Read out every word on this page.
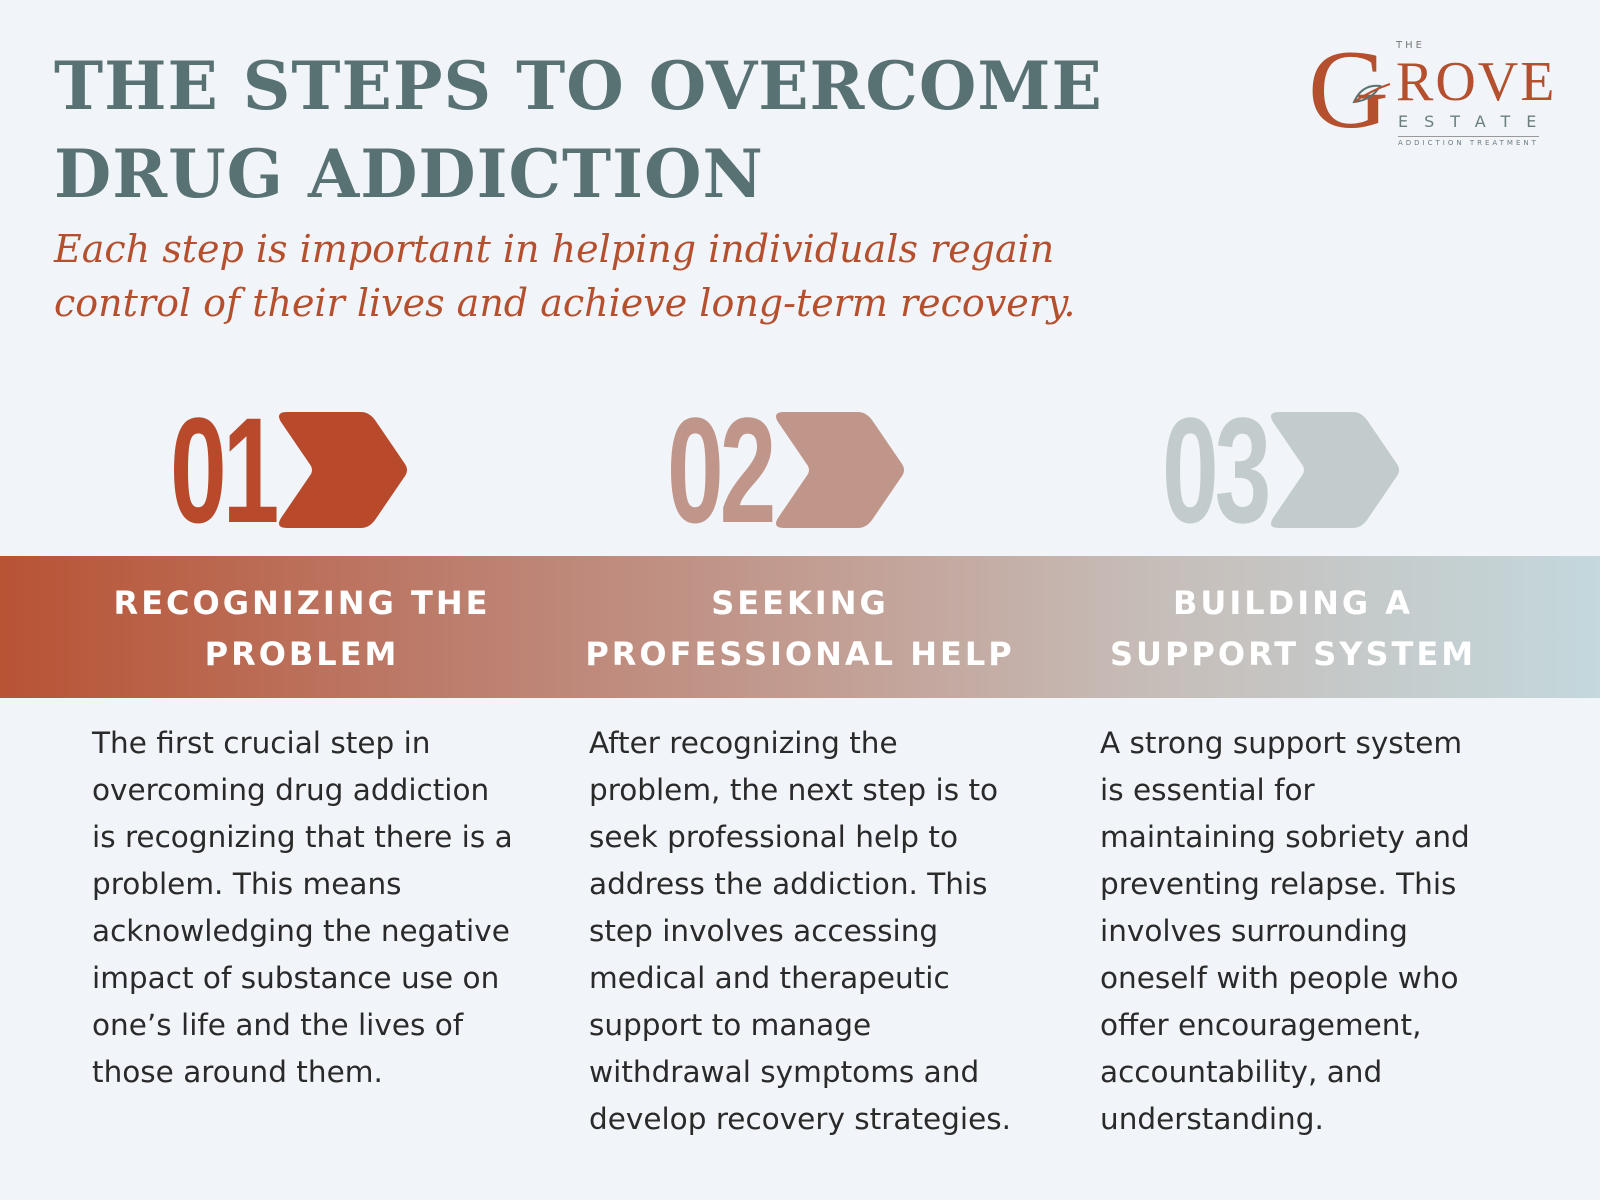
THE STEPS TO OVERCOME
DRUG ADDICTION
Each step is important in helping individuals regain
control of their lives and achieve long-term recovery.
G THE
ROVE
ESTATE
ADDICTION TREATMENT
01	02	03
RECOGNIZING THE PROBLEM
SEEKING PROFESSIONAL HELP
BUILDING A SUPPORT SYSTEM
The first crucial step in overcoming drug addiction is recognizing that there is a problem. This means acknowledging the negative impact of substance use on one’s life and the lives of those around them.
After recognizing the problem, the next step is to seek professional help to address the addiction. This step involves accessing medical and therapeutic support to manage withdrawal symptoms and develop recovery strategies.
A strong support system is essential for maintaining sobriety and preventing relapse. This involves surrounding oneself with people who offer encouragement, accountability, and understanding.
